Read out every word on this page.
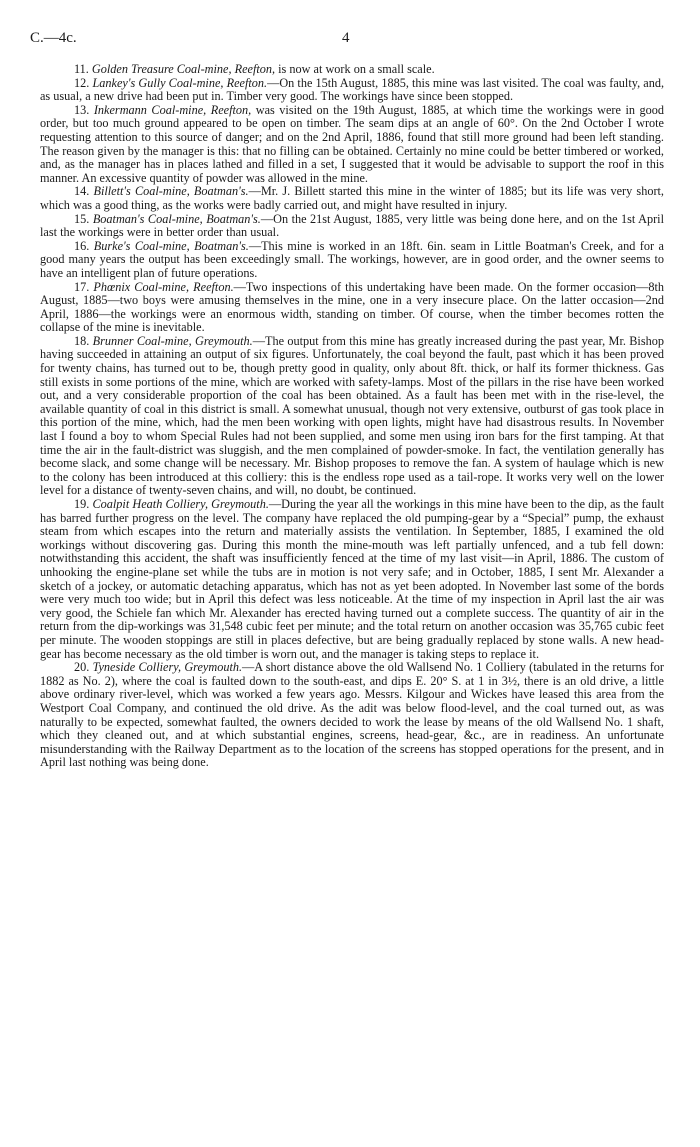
C.—4c.	4

11. Golden Treasure Coal-mine, Reefton, is now at work on a small scale.

12. Lankey's Gully Coal-mine, Reefton.—On the 15th August, 1885, this mine was last visited. The coal was faulty, and, as usual, a new drive had been put in. Timber very good. The workings have since been stopped.

13. Inkermann Coal-mine, Reefton, was visited on the 19th August, 1885, at which time the workings were in good order, but too much ground appeared to be open on timber. The seam dips at an angle of 60°. On the 2nd October I wrote requesting attention to this source of danger; and on the 2nd April, 1886, found that still more ground had been left standing. The reason given by the manager is this: that no filling can be obtained. Certainly no mine could be better timbered or worked, and, as the manager has in places lathed and filled in a set, I suggested that it would be advisable to support the roof in this manner. An excessive quantity of powder was allowed in the mine.

14. Billett's Coal-mine, Boatman's.—Mr. J. Billett started this mine in the winter of 1885; but its life was very short, which was a good thing, as the works were badly carried out, and might have resulted in injury.

15. Boatman's Coal-mine, Boatman's.—On the 21st August, 1885, very little was being done here, and on the 1st April last the workings were in better order than usual.

16. Burke's Coal-mine, Boatman's.—This mine is worked in an 18ft. 6in. seam in Little Boatman's Creek, and for a good many years the output has been exceedingly small. The workings, however, are in good order, and the owner seems to have an intelligent plan of future operations.

17. Phœnix Coal-mine, Reefton.—Two inspections of this undertaking have been made. On the former occasion—8th August, 1885—two boys were amusing themselves in the mine, one in a very insecure place. On the latter occasion—2nd April, 1886—the workings were an enormous width, standing on timber. Of course, when the timber becomes rotten the collapse of the mine is inevitable.

18. Brunner Coal-mine, Greymouth.—The output from this mine has greatly increased during the past year, Mr. Bishop having succeeded in attaining an output of six figures. Unfortunately, the coal beyond the fault, past which it has been proved for twenty chains, has turned out to be, though pretty good in quality, only about 8ft. thick, or half its former thickness. Gas still exists in some portions of the mine, which are worked with safety-lamps. Most of the pillars in the rise have been worked out, and a very considerable proportion of the coal has been obtained. As a fault has been met with in the rise-level, the available quantity of coal in this district is small. A somewhat unusual, though not very extensive, outburst of gas took place in this portion of the mine, which, had the men been working with open lights, might have had disastrous results. In November last I found a boy to whom Special Rules had not been supplied, and some men using iron bars for the first tamping. At that time the air in the fault-district was sluggish, and the men complained of powder-smoke. In fact, the ventilation generally has become slack, and some change will be necessary. Mr. Bishop proposes to remove the fan. A system of haulage which is new to the colony has been introduced at this colliery: this is the endless rope used as a tail-rope. It works very well on the lower level for a distance of twenty-seven chains, and will, no doubt, be continued.

19. Coalpit Heath Colliery, Greymouth.—During the year all the workings in this mine have been to the dip, as the fault has barred further progress on the level. The company have replaced the old pumping-gear by a “Special” pump, the exhaust steam from which escapes into the return and materially assists the ventilation. In September, 1885, I examined the old workings without discovering gas. During this month the mine-mouth was left partially unfenced, and a tub fell down: notwithstanding this accident, the shaft was insufficiently fenced at the time of my last visit—in April, 1886. The custom of unhooking the engine-plane set while the tubs are in motion is not very safe; and in October, 1885, I sent Mr. Alexander a sketch of a jockey, or automatic detaching apparatus, which has not as yet been adopted. In November last some of the bords were very much too wide; but in April this defect was less noticeable. At the time of my inspection in April last the air was very good, the Schiele fan which Mr. Alexander has erected having turned out a complete success. The quantity of air in the return from the dip-workings was 31,548 cubic feet per minute; and the total return on another occasion was 35,765 cubic feet per minute. The wooden stoppings are still in places defective, but are being gradually replaced by stone walls. A new head-gear has become necessary as the old timber is worn out, and the manager is taking steps to replace it.

20. Tyneside Colliery, Greymouth.—A short distance above the old Wallsend No. 1 Colliery (tabulated in the returns for 1882 as No. 2), where the coal is faulted down to the south-east, and dips E. 20° S. at 1 in 3½, there is an old drive, a little above ordinary river-level, which was worked a few years ago. Messrs. Kilgour and Wickes have leased this area from the Westport Coal Company, and continued the old drive. As the adit was below flood-level, and the coal turned out, as was naturally to be expected, somewhat faulted, the owners decided to work the lease by means of the old Wallsend No. 1 shaft, which they cleaned out, and at which substantial engines, screens, head-gear, &c., are in readiness. An unfortunate misunderstanding with the Railway Department as to the location of the screens has stopped operations for the present, and in April last nothing was being done.
